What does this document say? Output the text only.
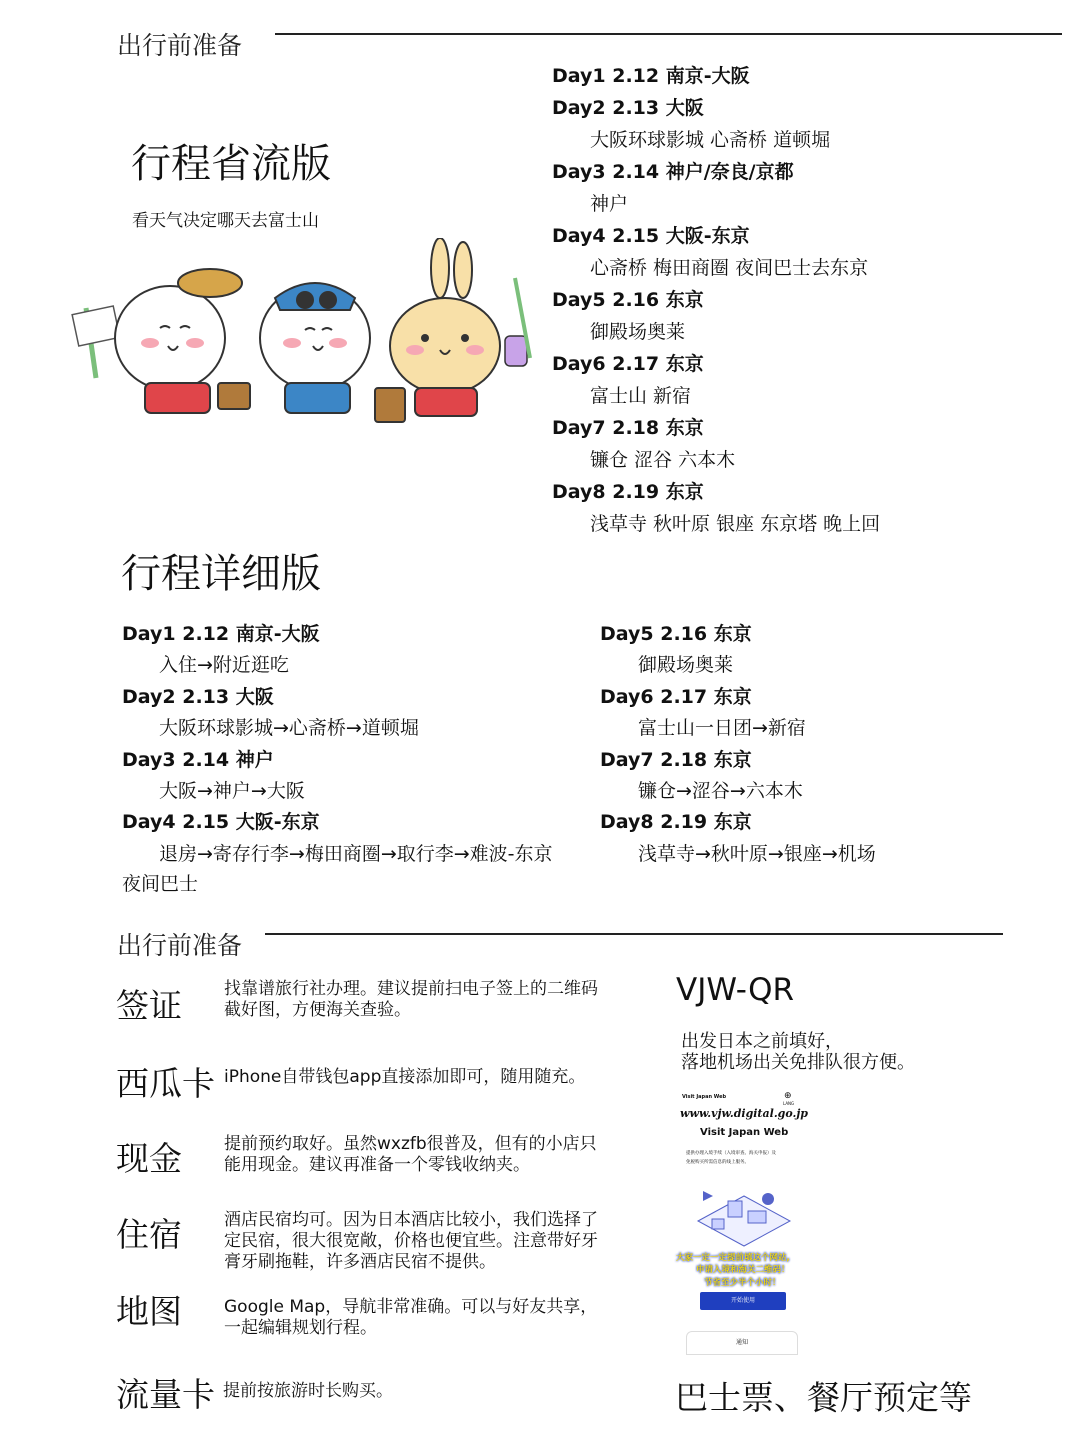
出行前准备
行程省流版
看天气决定哪天去富士山
Day1 2.12 南京-大阪
Day2 2.13 大阪
大阪环球影城 心斋桥 道顿堀
Day3 2.14 神户/奈良/京都
神户
Day4 2.15 大阪-东京
心斋桥 梅田商圈 夜间巴士去东京
Day5 2.16 东京
御殿场奥莱
Day6 2.17 东京
富士山 新宿
Day7 2.18 东京
镰仓 涩谷 六本木
Day8 2.19 东京
浅草寺 秋叶原 银座 东京塔 晚上回
行程详细版
Day1 2.12 南京-大阪
入住→附近逛吃
Day2 2.13 大阪
大阪环球影城→心斋桥→道顿堀
Day3 2.14 神户
大阪→神户→大阪
Day4 2.15 大阪-东京
退房→寄存行李→梅田商圈→取行李→难波-东京
Day5 2.16 东京
御殿场奥莱
Day6 2.17 东京
富士山一日团→新宿
Day7 2.18 东京
镰仓→涩谷→六本木
Day8 2.19 东京
浅草寺→秋叶原→银座→机场
夜间巴士
出行前准备
签证 找靠谱旅行社办理。建议提前扫电子签上的二维码截好图，方便海关查验。
西瓜卡 iPhone自带钱包app直接添加即可，随用随充。
现金 提前预约取好。虽然wxzfb很普及，但有的小店只能用现金。建议再准备一个零钱收纳夹。
住宿 酒店民宿均可。因为日本酒店比较小，我们选择了定民宿，很大很宽敞，价格也便宜些。注意带好牙膏牙刷拖鞋，许多酒店民宿不提供。
地图 Google Map，导航非常准确。可以与好友共享，一起编辑规划行程。
流量卡 提前按旅游时长购买。
VJW-QR
出发日本之前填好，
落地机场出关免排队很方便。
Visit Japan Web	⊕
LANG
www.vjw.digital.go.jp
Visit Japan Web
提供办理入境手续（入境审查、海关申报）及
免税购买所需信息的线上服务。
大家一定一定提前填这个网站,
申请入境和海关二维码！
节省至少半个小时！
开始使用
通知
巴士票、餐厅预定等
